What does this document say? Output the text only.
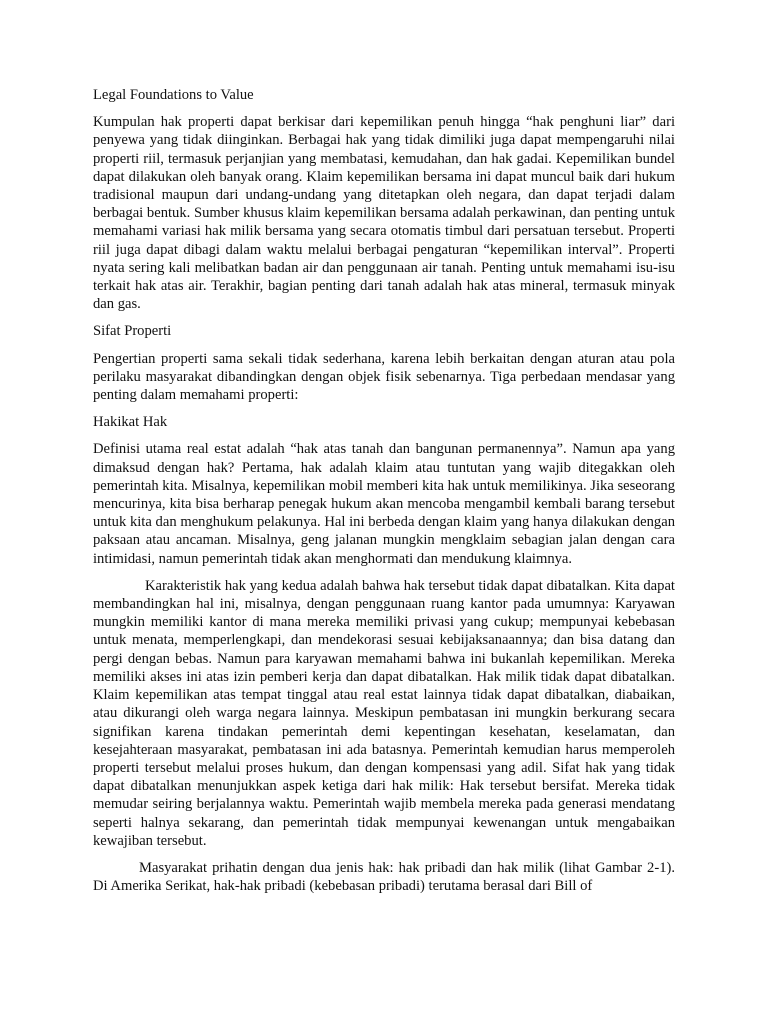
Legal Foundations to Value

Kumpulan hak properti dapat berkisar dari kepemilikan penuh hingga “hak penghuni liar” dari penyewa yang tidak diinginkan. Berbagai hak yang tidak dimiliki juga dapat mempengaruhi nilai properti riil, termasuk perjanjian yang membatasi, kemudahan, dan hak gadai. Kepemilikan bundel dapat dilakukan oleh banyak orang. Klaim kepemilikan bersama ini dapat muncul baik dari hukum tradisional maupun dari undang-undang yang ditetapkan oleh negara, dan dapat terjadi dalam berbagai bentuk. Sumber khusus klaim kepemilikan bersama adalah perkawinan, dan penting untuk memahami variasi hak milik bersama yang secara otomatis timbul dari persatuan tersebut. Properti riil juga dapat dibagi dalam waktu melalui berbagai pengaturan “kepemilikan interval”. Properti nyata sering kali melibatkan badan air dan penggunaan air tanah. Penting untuk memahami isu-isu terkait hak atas air. Terakhir, bagian penting dari tanah adalah hak atas mineral, termasuk minyak dan gas.

Sifat Properti

Pengertian properti sama sekali tidak sederhana, karena lebih berkaitan dengan aturan atau pola perilaku masyarakat dibandingkan dengan objek fisik sebenarnya. Tiga perbedaan mendasar yang penting dalam memahami properti:

Hakikat Hak

Definisi utama real estat adalah “hak atas tanah dan bangunan permanennya”. Namun apa yang dimaksud dengan hak? Pertama, hak adalah klaim atau tuntutan yang wajib ditegakkan oleh pemerintah kita. Misalnya, kepemilikan mobil memberi kita hak untuk memilikinya. Jika seseorang mencurinya, kita bisa berharap penegak hukum akan mencoba mengambil kembali barang tersebut untuk kita dan menghukum pelakunya. Hal ini berbeda dengan klaim yang hanya dilakukan dengan paksaan atau ancaman. Misalnya, geng jalanan mungkin mengklaim sebagian jalan dengan cara intimidasi, namun pemerintah tidak akan menghormati dan mendukung klaimnya.

Karakteristik hak yang kedua adalah bahwa hak tersebut tidak dapat dibatalkan. Kita dapat membandingkan hal ini, misalnya, dengan penggunaan ruang kantor pada umumnya: Karyawan mungkin memiliki kantor di mana mereka memiliki privasi yang cukup; mempunyai kebebasan untuk menata, memperlengkapi, dan mendekorasi sesuai kebijaksanaannya; dan bisa datang dan pergi dengan bebas. Namun para karyawan memahami bahwa ini bukanlah kepemilikan. Mereka memiliki akses ini atas izin pemberi kerja dan dapat dibatalkan. Hak milik tidak dapat dibatalkan. Klaim kepemilikan atas tempat tinggal atau real estat lainnya tidak dapat dibatalkan, diabaikan, atau dikurangi oleh warga negara lainnya. Meskipun pembatasan ini mungkin berkurang secara signifikan karena tindakan pemerintah demi kepentingan kesehatan, keselamatan, dan kesejahteraan masyarakat, pembatasan ini ada batasnya. Pemerintah kemudian harus memperoleh properti tersebut melalui proses hukum, dan dengan kompensasi yang adil. Sifat hak yang tidak dapat dibatalkan menunjukkan aspek ketiga dari hak milik: Hak tersebut bersifat. Mereka tidak memudar seiring berjalannya waktu. Pemerintah wajib membela mereka pada generasi mendatang seperti halnya sekarang, dan pemerintah tidak mempunyai kewenangan untuk mengabaikan kewajiban tersebut.

Masyarakat prihatin dengan dua jenis hak: hak pribadi dan hak milik (lihat Gambar 2-1). Di Amerika Serikat, hak-hak pribadi (kebebasan pribadi) terutama berasal dari Bill of
